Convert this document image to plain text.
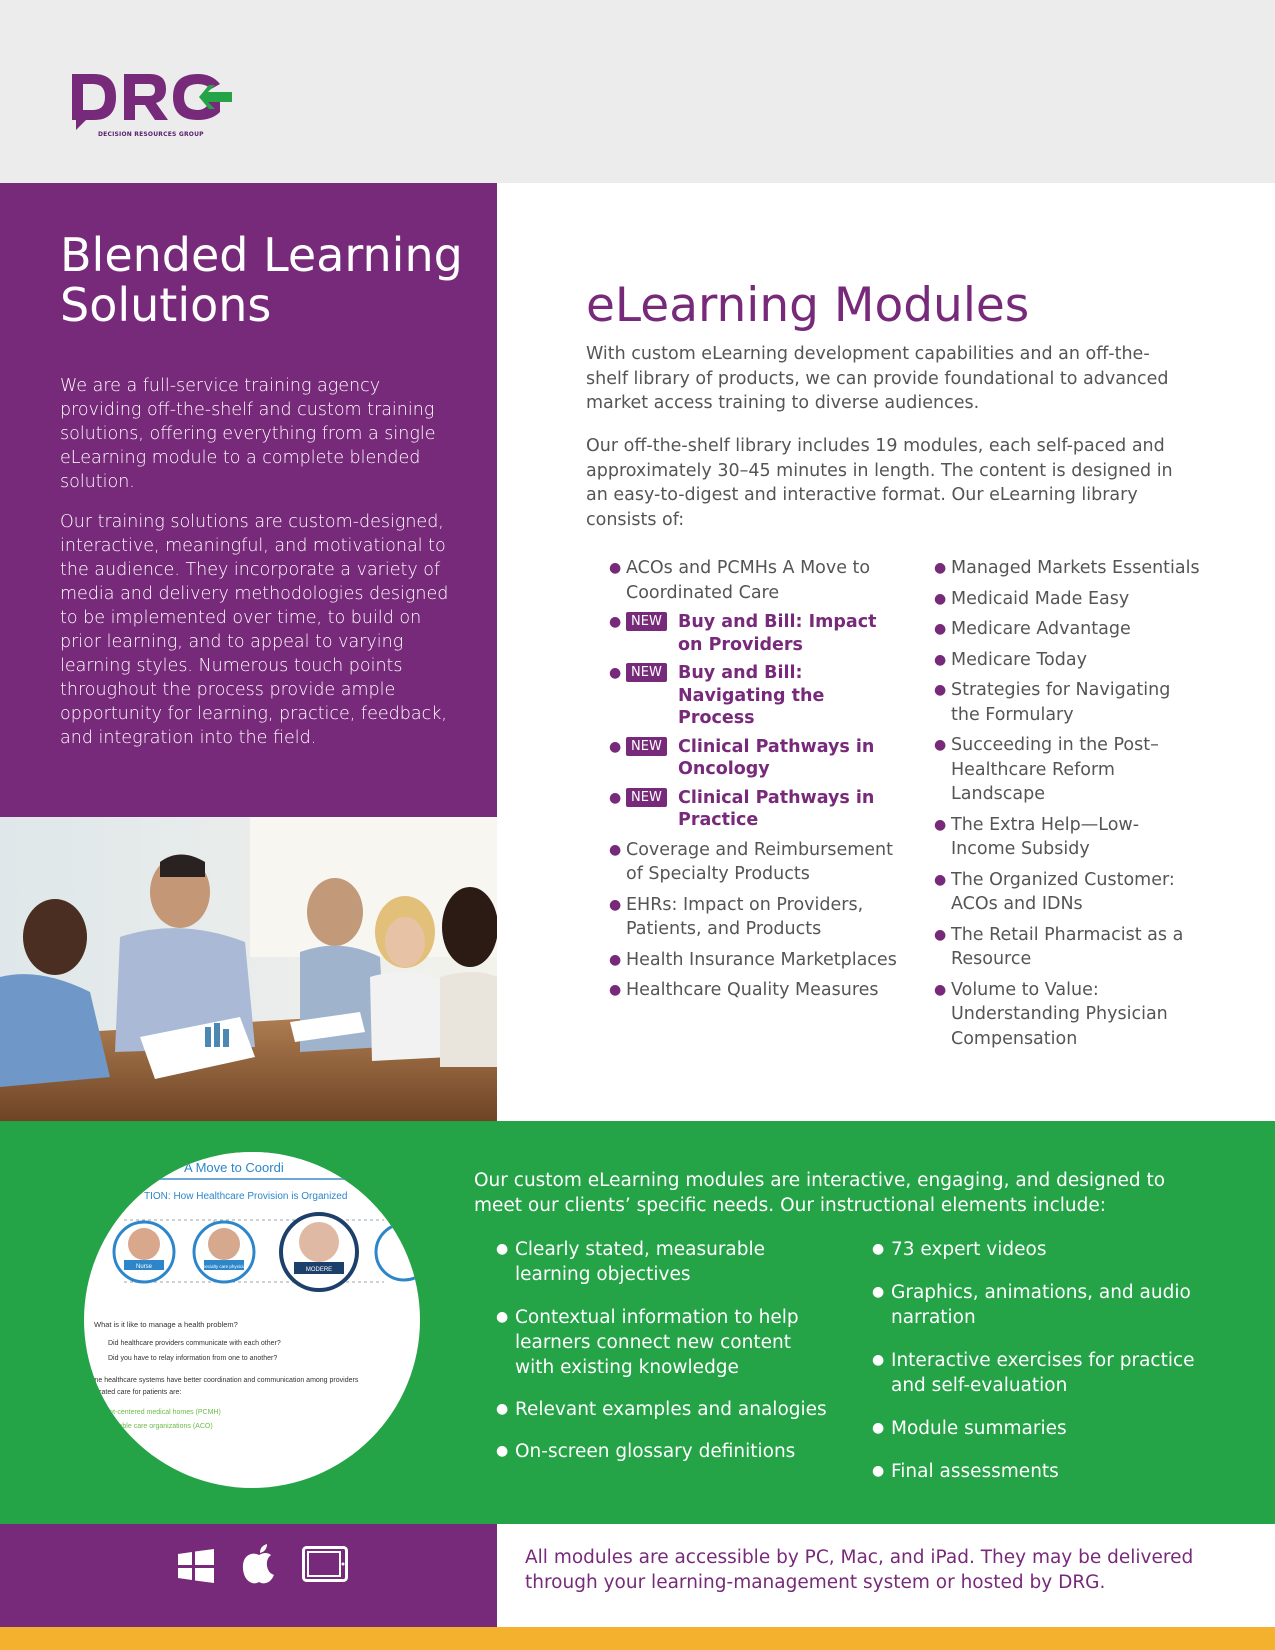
DECISION RESOURCES GROUP
Blended Learning
Solutions

We are a full-service training agency providing off-the-shelf and custom training solutions, offering everything from a single eLearning module to a complete blended solution.

Our training solutions are custom-designed, interactive, meaningful, and motivational to the audience. They incorporate a variety of media and delivery methodologies designed to be implemented over time, to build on prior learning, and to appeal to varying learning styles. Numerous touch points throughout the process provide ample opportunity for learning, practice, feedback, and integration into the field.

eLearning Modules

With custom eLearning development capabilities and an off-the-shelf library of products, we can provide foundational to advanced market access training to diverse audiences.

Our off-the-shelf library includes 19 modules, each self-paced and approximately 30–45 minutes in length. The content is designed in an easy-to-digest and interactive format. Our eLearning library consists of:

● ACOs and PCMHs A Move to Coordinated Care
● NEW Buy and Bill: Impact on Providers
● NEW Buy and Bill: Navigating the Process
● NEW Clinical Pathways in Oncology
● NEW Clinical Pathways in Practice
● Coverage and Reimbursement of Specialty Products
● EHRs: Impact on Providers, Patients, and Products
● Health Insurance Marketplaces
● Healthcare Quality Measures
● Managed Markets Essentials
● Medicaid Made Easy
● Medicare Advantage
● Medicare Today
● Strategies for Navigating the Formulary
● Succeeding in the Post–Healthcare Reform Landscape
● The Extra Help—Low-Income Subsidy
● The Organized Customer: ACOs and IDNs
● The Retail Pharmacist as a Resource
● Volume to Value: Understanding Physician Compensation
A Move to Coordi
TION: How Healthcare Provision is Organized
Nurse	Specialty care physician
MODERE
What is it like to manage a health problem?
Did healthcare providers communicate with each other?
Did you have to relay information from one to another?
Some healthcare systems have better coordination and communication among providers
integrated care for patients are:
patient-centered medical homes (PCMH)
accountable care organizations (ACO)

Our custom eLearning modules are interactive, engaging, and designed to meet our clients’ specific needs. Our instructional elements include:

● Clearly stated, measurable learning objectives
● Contextual information to help learners connect new content with existing knowledge
● Relevant examples and analogies
● On-screen glossary definitions
● 73 expert videos
● Graphics, animations, and audio narration
● Interactive exercises for practice and self-evaluation
● Module summaries
● Final assessments

All modules are accessible by PC, Mac, and iPad. They may be delivered through your learning-management system or hosted by DRG.
